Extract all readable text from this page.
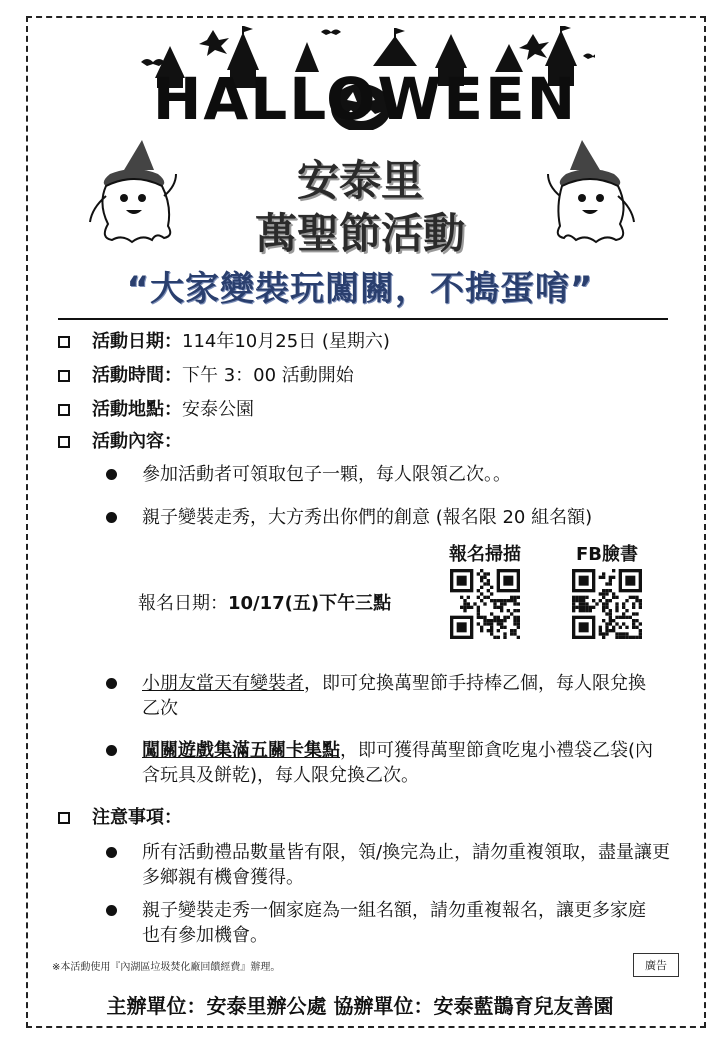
HALLOWEEN
安泰里
萬聖節活動
“大家變裝玩闖關，不搗蛋唷”
活動日期：114年10月25日 (星期六)
活動時間：下午 3：00 活動開始
活動地點：安泰公園
活動內容：
參加活動者可領取包子一顆，每人限領乙次。。
親子變裝走秀，大方秀出你們的創意 (報名限 20 組名額)
報名日期：10/17(五)下午三點
報名掃描	FB臉書
小朋友當天有變裝者，即可兌換萬聖節手持棒乙個，每人限兌換乙次
闖關遊戲集滿五關卡集點，即可獲得萬聖節貪吃鬼小禮袋乙袋(內含玩具及餅乾)，每人限兌換乙次。
注意事項：
所有活動禮品數量皆有限，領/換完為止，請勿重複領取，盡量讓更多鄉親有機會獲得。
親子變裝走秀一個家庭為一組名額，請勿重複報名，讓更多家庭也有參加機會。
※本活動使用『內湖區垃圾焚化廠回饋經費』辦理。	廣告
主辦單位：安泰里辦公處 協辦單位：安泰藍鵲育兒友善園
